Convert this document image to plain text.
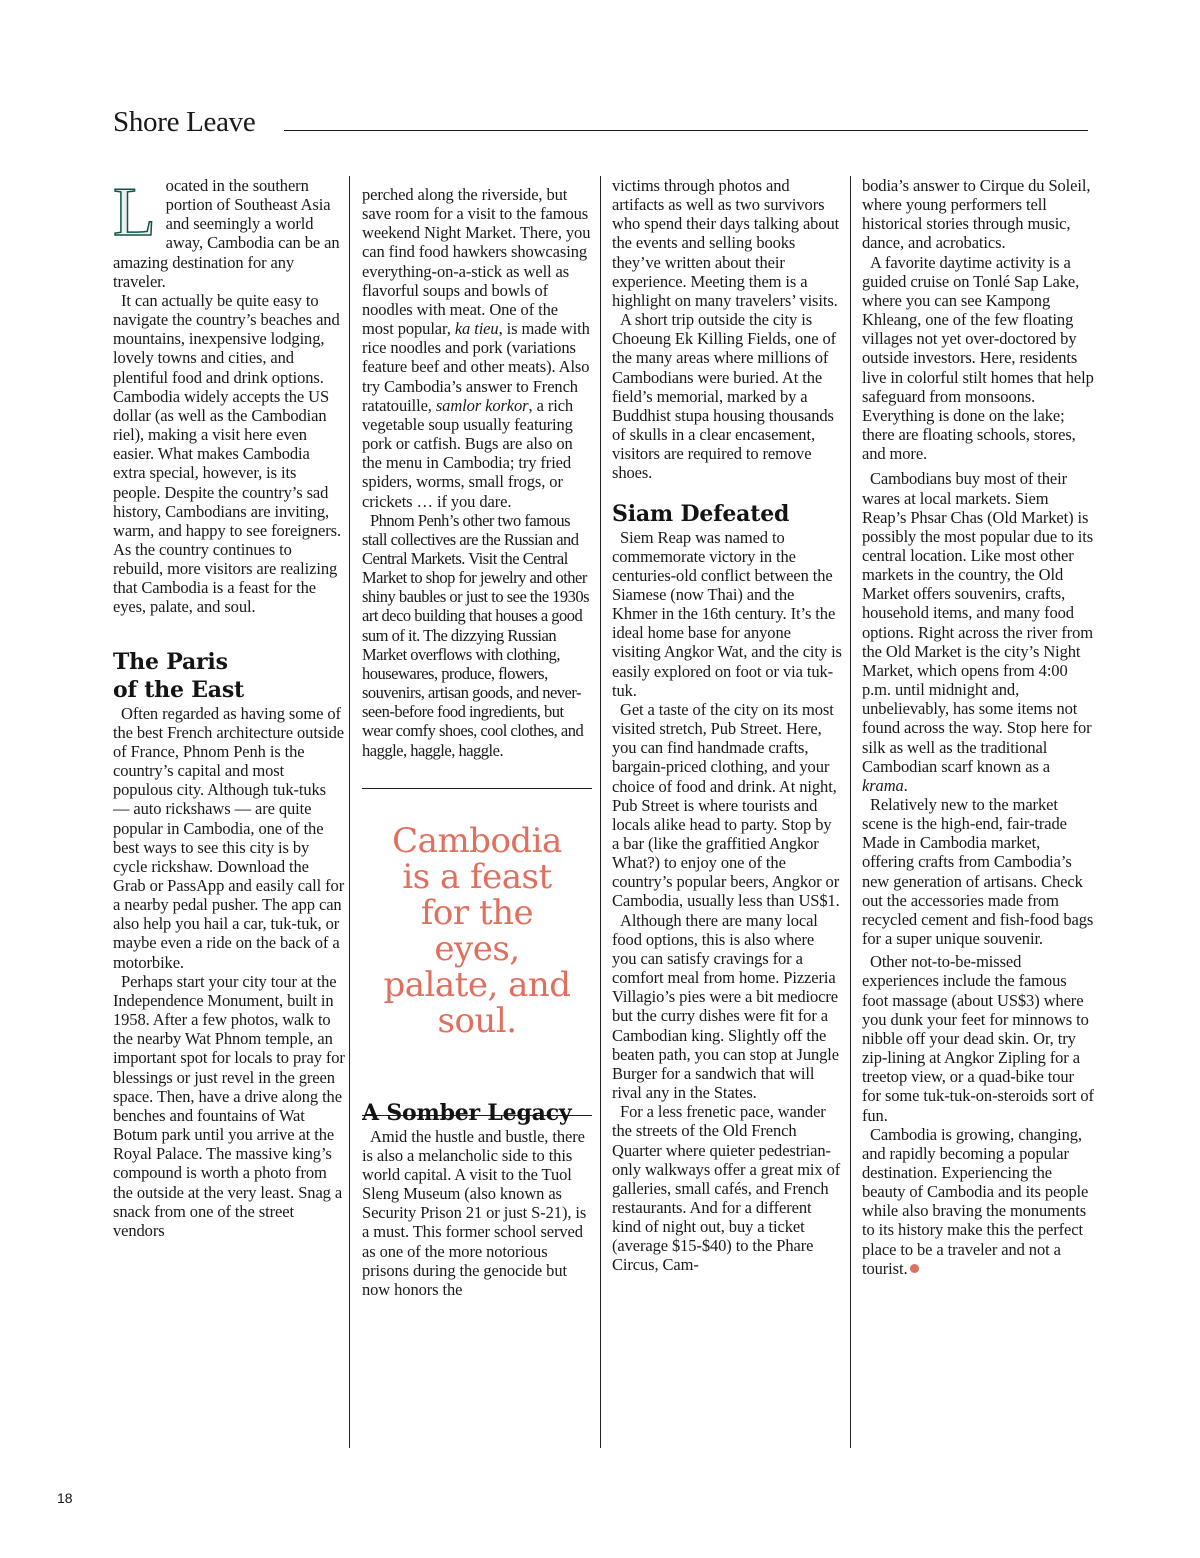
Shore Leave
L ocated in the southern portion of Southeast Asia and seemingly a world away, Cambodia can be an amazing destination for any traveler.

It can actually be quite easy to navigate the country’s beaches and mountains, inexpensive lodging, lovely towns and cities, and plentiful food and drink options. Cambodia widely accepts the US dollar (as well as the Cambodian riel), making a visit here even easier. What makes Cambodia extra special, however, is its people. Despite the country’s sad history, Cambodians are inviting, warm, and happy to see foreigners. As the country continues to rebuild, more visitors are realizing that Cambodia is a feast for the eyes, palate, and soul.

The Paris
of the East

Often regarded as having some of the best French architecture outside of France, Phnom Penh is the country’s capital and most populous city. Although tuk-tuks — auto rickshaws — are quite popular in Cambodia, one of the best ways to see this city is by cycle rickshaw. Download the Grab or PassApp and easily call for a nearby pedal pusher. The app can also help you hail a car, tuk-tuk, or maybe even a ride on the back of a motorbike.

Perhaps start your city tour at the Independence Monument, built in 1958. After a few photos, walk to the nearby Wat Phnom temple, an important spot for locals to pray for blessings or just revel in the green space. Then, have a drive along the benches and fountains of Wat Botum park until you arrive at the Royal Palace. The massive king’s compound is worth a photo from the outside at the very least. Snag a snack from one of the street vendors

perched along the riverside, but save room for a visit to the famous weekend Night Market. There, you can find food hawkers showcasing everything-on-a-stick as well as flavorful soups and bowls of noodles with meat. One of the most popular, ka tieu, is made with rice noodles and pork (variations feature beef and other meats). Also try Cambodia’s answer to French ratatouille, samlor korkor, a rich vegetable soup usually featuring pork or catfish. Bugs are also on the menu in Cambodia; try fried spiders, worms, small frogs, or crickets … if you dare.

Phnom Penh’s other two famous stall collectives are the Russian and Central Markets. Visit the Central Market to shop for jewelry and other shiny baubles or just to see the 1930s art deco building that houses a good sum of it. The dizzying Russian Market overflows with clothing, housewares, produce, flowers, souvenirs, artisan goods, and never-seen-before food ingredients, but wear comfy shoes, cool clothes, and haggle, haggle, haggle.

Cambodia is a feast for the eyes, palate, and soul.
A Somber Legacy

Amid the hustle and bustle, there is also a melancholic side to this world capital. A visit to the Tuol Sleng Museum (also known as Security Prison 21 or just S-21), is a must. This former school served as one of the more notorious prisons during the genocide but now honors the

victims through photos and artifacts as well as two survivors who spend their days talking about the events and selling books they’ve written about their experience. Meeting them is a highlight on many travelers’ visits.

A short trip outside the city is Choeung Ek Killing Fields, one of the many areas where millions of Cambodians were buried. At the field’s memorial, marked by a Buddhist stupa housing thousands of skulls in a clear encasement, visitors are required to remove shoes.

Siam Defeated

Siem Reap was named to commemorate victory in the centuries-old conflict between the Siamese (now Thai) and the Khmer in the 16th century. It’s the ideal home base for anyone visiting Angkor Wat, and the city is easily explored on foot or via tuk-tuk.

Get a taste of the city on its most visited stretch, Pub Street. Here, you can find handmade crafts, bargain-priced clothing, and your choice of food and drink. At night, Pub Street is where tourists and locals alike head to party. Stop by a bar (like the graffitied Angkor What?) to enjoy one of the country’s popular beers, Angkor or Cambodia, usually less than US$1.

Although there are many local food options, this is also where you can satisfy cravings for a comfort meal from home. Pizzeria Villagio’s pies were a bit mediocre but the curry dishes were fit for a Cambodian king. Slightly off the beaten path, you can stop at Jungle Burger for a sandwich that will rival any in the States.

For a less frenetic pace, wander the streets of the Old French Quarter where quieter pedestrian-only walkways offer a great mix of galleries, small cafés, and French restaurants. And for a different kind of night out, buy a ticket (average $15-$40) to the Phare Circus, Cam-

bodia’s answer to Cirque du Soleil, where young performers tell historical stories through music, dance, and acrobatics.

A favorite daytime activity is a guided cruise on Tonlé Sap Lake, where you can see Kampong Khleang, one of the few floating villages not yet over-doctored by outside investors. Here, residents live in colorful stilt homes that help safeguard from monsoons. Everything is done on the lake; there are floating schools, stores, and more.

Cambodians buy most of their wares at local markets. Siem Reap’s Phsar Chas (Old Market) is possibly the most popular due to its central location. Like most other markets in the country, the Old Market offers souvenirs, crafts, household items, and many food options. Right across the river from the Old Market is the city’s Night Market, which opens from 4:00 p.m. until midnight and, unbelievably, has some items not found across the way. Stop here for silk as well as the traditional Cambodian scarf known as a krama.

Relatively new to the market scene is the high-end, fair-trade Made in Cambodia market, offering crafts from Cambodia’s new generation of artisans. Check out the accessories made from recycled cement and fish-food bags for a super unique souvenir.

Other not-to-be-missed experiences include the famous foot massage (about US$3) where you dunk your feet for minnows to nibble off your dead skin. Or, try zip-lining at Angkor Zipling for a treetop view, or a quad-bike tour for some tuk-tuk-on-steroids sort of fun.

Cambodia is growing, changing, and rapidly becoming a popular destination. Experiencing the beauty of Cambodia and its people while also braving the monuments to its history make this the perfect place to be a traveler and not a tourist.

18
